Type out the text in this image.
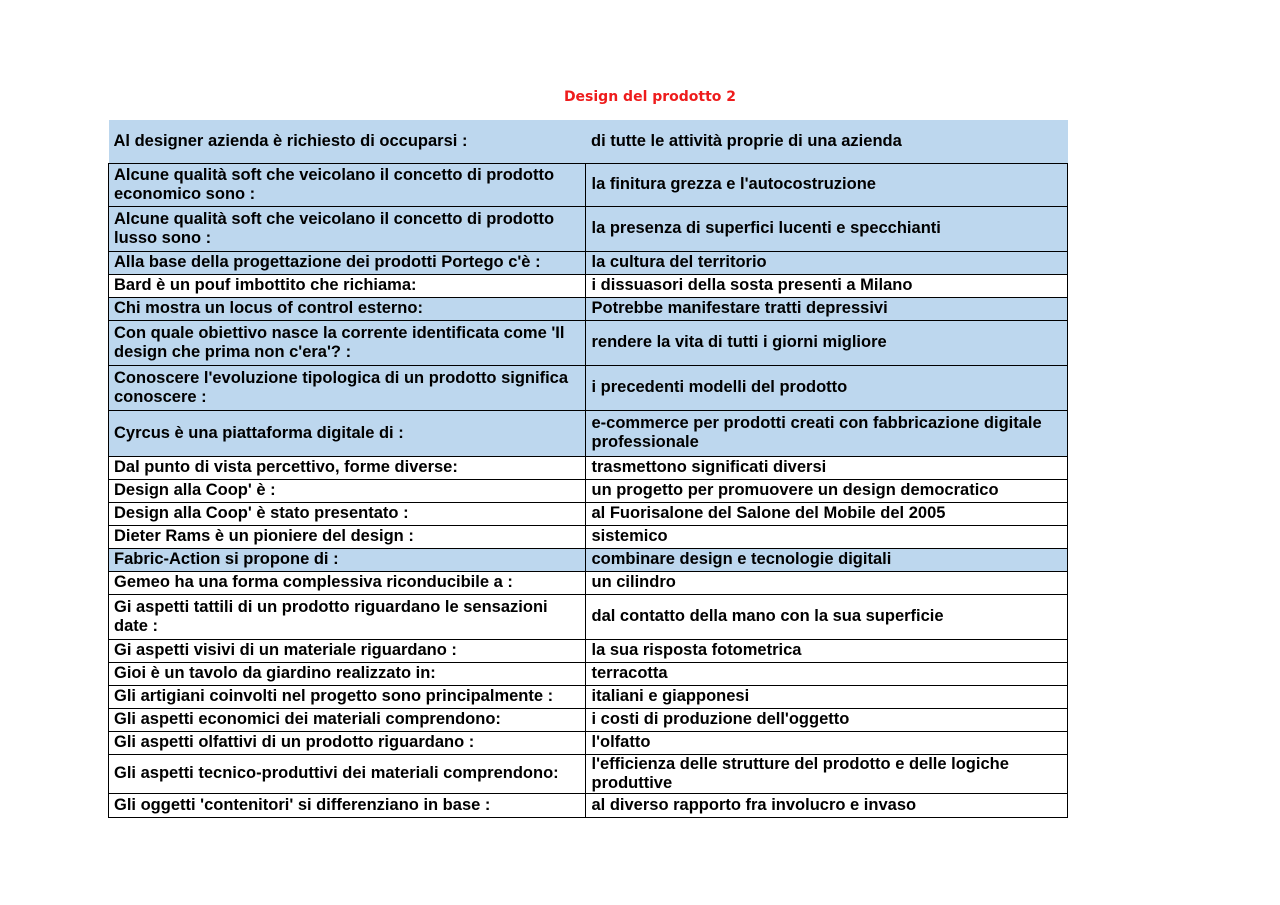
Design del prodotto 2
Al designer azienda è richiesto di occuparsi :	di tutte le attività proprie di una azienda
Alcune qualità soft che veicolano il concetto di prodotto economico sono :	la finitura grezza e l'autocostruzione
Alcune qualità soft che veicolano il concetto di prodotto lusso sono :	la presenza di superfici lucenti e specchianti
Alla base della progettazione dei prodotti Portego c'è :	la cultura del territorio
Bard è un pouf imbottito che richiama:	i dissuasori della sosta presenti a Milano
Chi mostra un locus of control esterno:	Potrebbe manifestare tratti depressivi
Con quale obiettivo nasce la corrente identificata come 'Il design che prima non c'era'? :	rendere la vita di tutti i giorni migliore
Conoscere l'evoluzione tipologica di un prodotto significa conoscere :	i precedenti modelli del prodotto
Cyrcus è una piattaforma digitale di :	e-commerce per prodotti creati con fabbricazione digitale professionale
Dal punto di vista percettivo, forme diverse:	trasmettono significati diversi
Design alla Coop' è :	un progetto per promuovere un design democratico
Design alla Coop' è stato presentato :	al Fuorisalone del Salone del Mobile del 2005
Dieter Rams è un pioniere del design :	sistemico
Fabric-Action si propone di :	combinare design e tecnologie digitali
Gemeo ha una forma complessiva riconducibile a :	un cilindro
Gi aspetti tattili di un prodotto riguardano le sensazioni date :	dal contatto della mano con la sua superficie
Gi aspetti visivi di un materiale riguardano :	la sua risposta fotometrica
Gioi è un tavolo da giardino realizzato in:	terracotta
Gli artigiani coinvolti nel progetto sono principalmente :	italiani e giapponesi
Gli aspetti economici dei materiali comprendono:	i costi di produzione dell'oggetto
Gli aspetti olfattivi di un prodotto riguardano :	l'olfatto
Gli aspetti tecnico-produttivi dei materiali comprendono:	l'efficienza delle strutture del prodotto e delle logiche produttive
Gli oggetti 'contenitori' si differenziano in base :	al diverso rapporto fra involucro e invaso
